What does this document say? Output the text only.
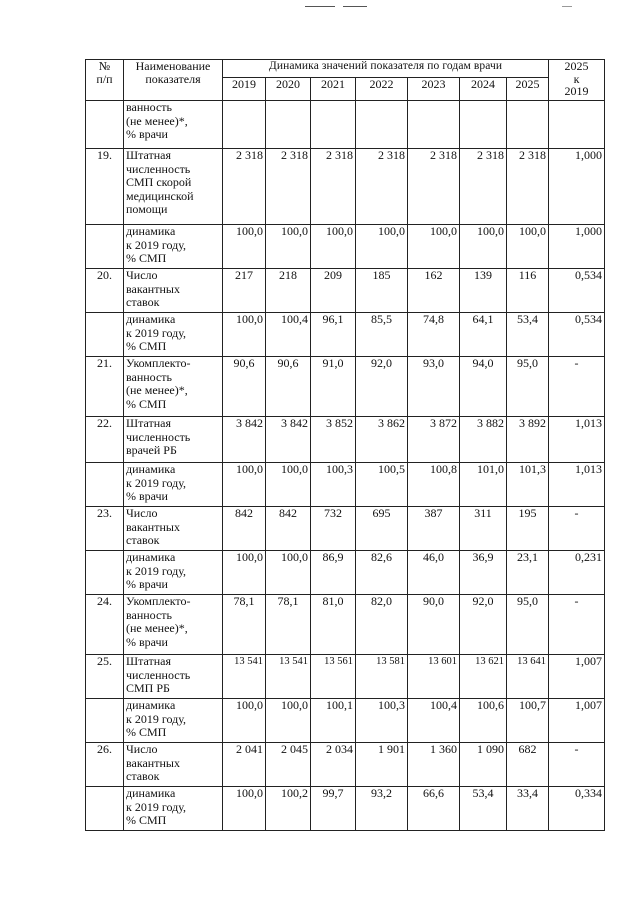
№
п/п	Наименование
показателя	Динамика значений показателя по годам врачи							2025
к
2019
		2019	2020	2021	2022	2023	2024	2025	
	ванность
(не менее)*,
% врачи								
19.	Штатная
численность
СМП скорой
медицинской
помощи	2 318	2 318	2 318	2 318	2 318	2 318	2 318	1,000
	динамика
к 2019 году,
% СМП	100,0	100,0	100,0	100,0	100,0	100,0	100,0	1,000
20.	Число
вакантных
ставок	217	218	209	185	162	139	116	0,534
	динамика
к 2019 году,
% СМП	100,0	100,4	96,1	85,5	74,8	64,1	53,4	0,534
21.	Укомплекто-
ванность
(не менее)*,
% СМП	90,6	90,6	91,0	92,0	93,0	94,0	95,0	-
22.	Штатная
численность
врачей РБ	3 842	3 842	3 852	3 862	3 872	3 882	3 892	1,013
	динамика
к 2019 году,
% врачи	100,0	100,0	100,3	100,5	100,8	101,0	101,3	1,013
23.	Число
вакантных
ставок	842	842	732	695	387	311	195	-
	динамика
к 2019 году,
% врачи	100,0	100,0	86,9	82,6	46,0	36,9	23,1	0,231
24.	Укомплекто-
ванность
(не менее)*,
% врачи	78,1	78,1	81,0	82,0	90,0	92,0	95,0	-
25.	Штатная
численность
СМП РБ	13 541	13 541	13 561	13 581	13 601	13 621	13 641	1,007
	динамика
к 2019 году,
% СМП	100,0	100,0	100,1	100,3	100,4	100,6	100,7	1,007
26.	Число
вакантных
ставок	2 041	2 045	2 034	1 901	1 360	1 090	682	-
	динамика
к 2019 году,
% СМП	100,0	100,2	99,7	93,2	66,6	53,4	33,4	0,334
